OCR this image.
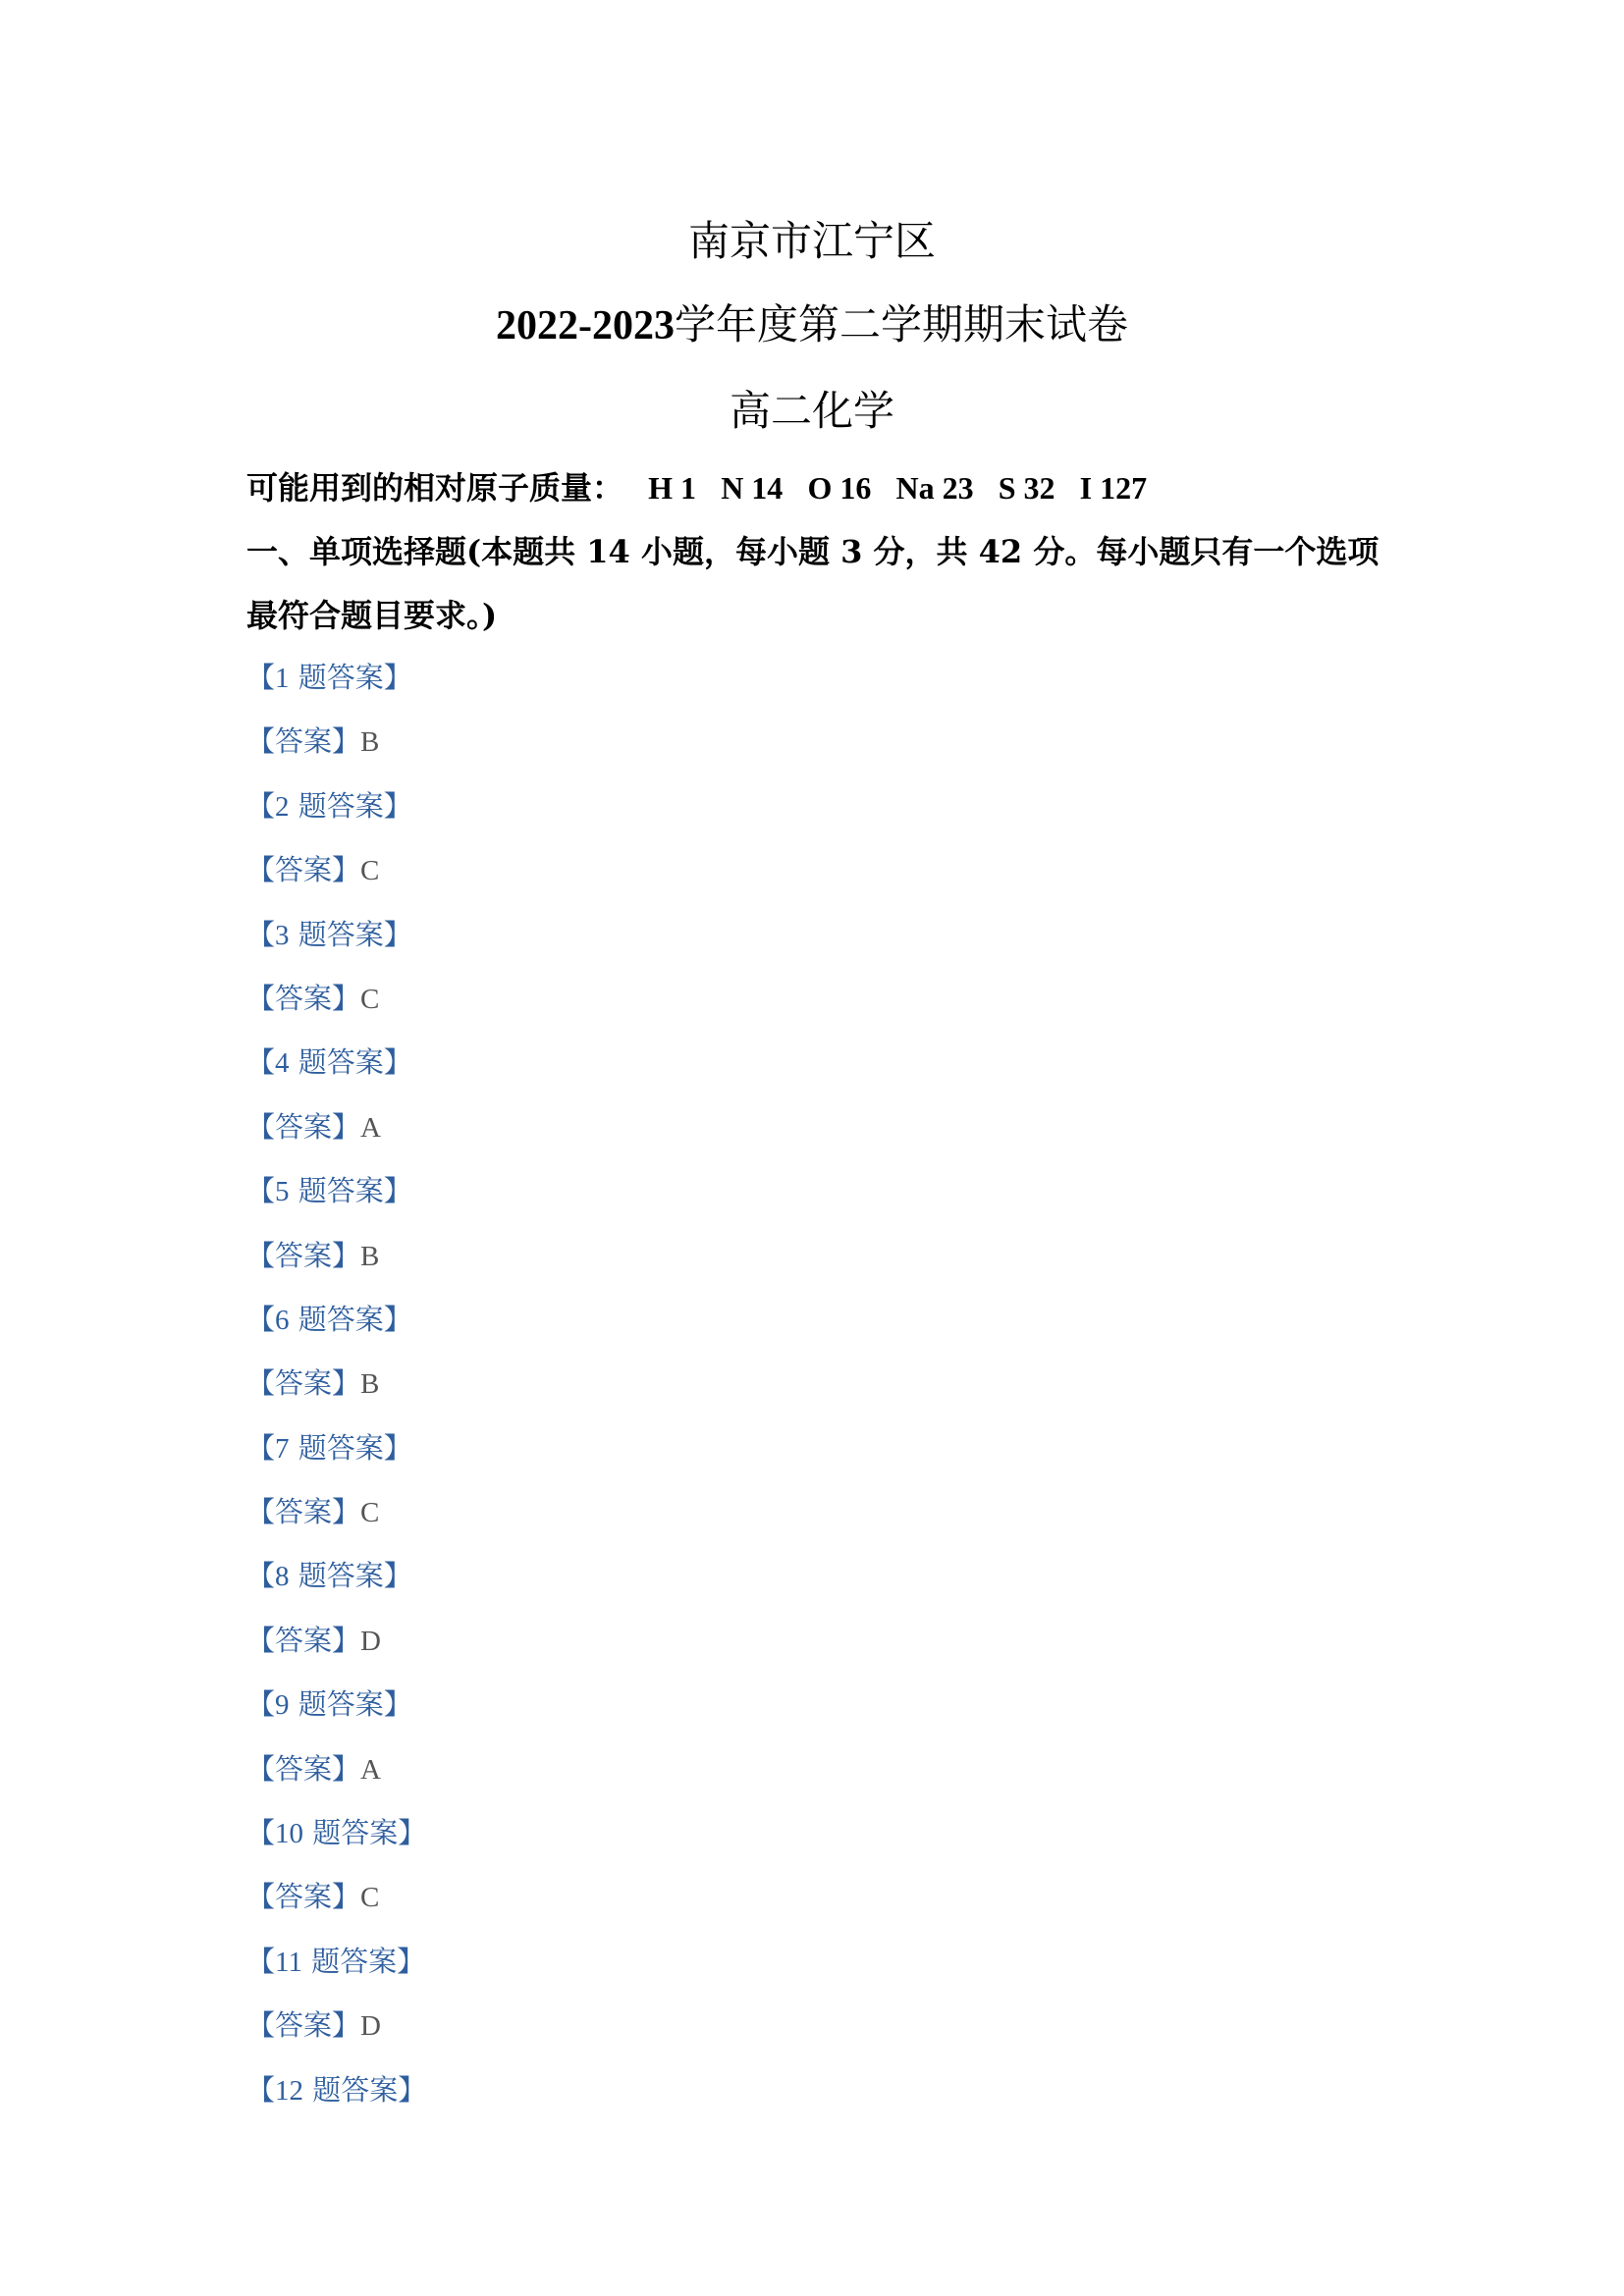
南京市江宁区
2022-2023学年度第二学期期末试卷
高二化学
可能用到的相对原子质量： H 1 N 14 O 16 Na 23 S 32 I 127
一、单项选择题(本题共 14 小题，每小题 3 分，共 42 分。每小题只有一个选项
最符合题目要求。)
【1 题答案】
【答案】B
【2 题答案】
【答案】C
【3 题答案】
【答案】C
【4 题答案】
【答案】A
【5 题答案】
【答案】B
【6 题答案】
【答案】B
【7 题答案】
【答案】C
【8 题答案】
【答案】D
【9 题答案】
【答案】A
【10 题答案】
【答案】C
【11 题答案】
【答案】D
【12 题答案】
